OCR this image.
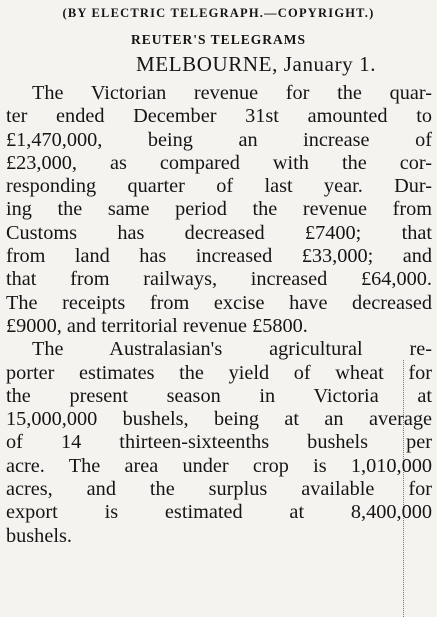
(BY ELECTRIC TELEGRAPH.—COPYRIGHT.)
REUTER'S TELEGRAMS
MELBOURNE, January 1.
The Victorian revenue for the quar-
ter ended December 31st amounted to
£1,470,000, being an increase of
£23,000, as compared with the cor-
responding quarter of last year. Dur-
ing the same period the revenue from
Customs has decreased £7400; that
from land has increased £33,000; and
that from railways, increased £64,000.
The receipts from excise have decreased
£9000, and territorial revenue £5800.
The Australasian's agricultural re-
porter estimates the yield of wheat for
the present season in Victoria at
15,000,000 bushels, being at an average
of 14 thirteen-sixteenths bushels per
acre. The area under crop is 1,010,000
acres, and the surplus available for
export is estimated at 8,400,000
bushels.
